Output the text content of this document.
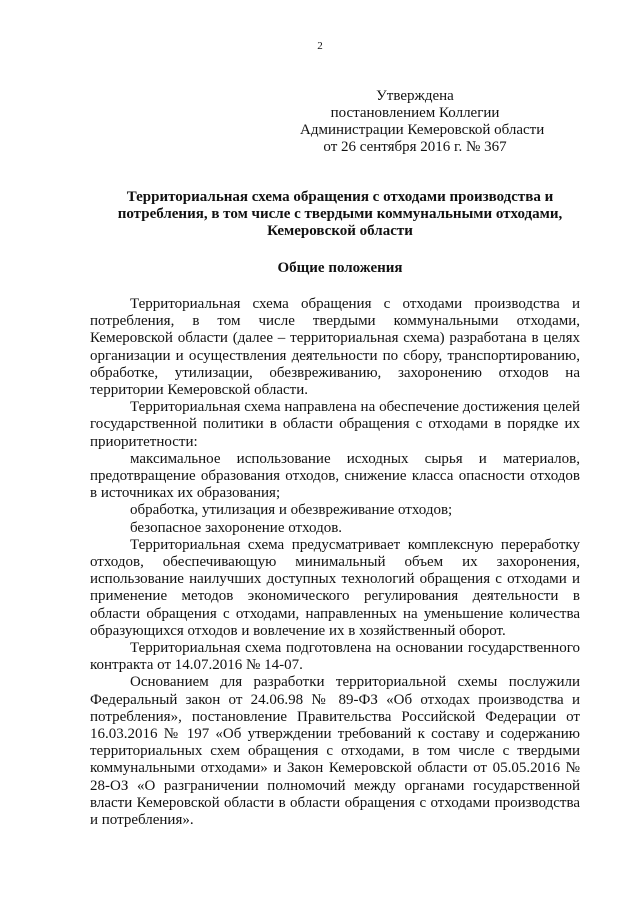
2
Утверждена
постановлением Коллегии
Администрации Кемеровской области
от 26 сентября 2016 г. № 367
Территориальная схема обращения с отходами производства и потребления, в том числе с твердыми коммунальными отходами, Кемеровской области
Общие положения

Территориальная схема обращения с отходами производства и потребления, в том числе твердыми коммунальными отходами, Кемеровской области (далее – территориальная схема) разработана в целях организации и осуществления деятельности по сбору, транспортированию, обработке, утилизации, обезвреживанию, захоронению отходов на территории Кемеровской области.

Территориальная схема направлена на обеспечение достижения целей государственной политики в области обращения с отходами в порядке их приоритетности:

максимальное использование исходных сырья и материалов, предотвращение образования отходов, снижение класса опасности отходов в источниках их образования;

обработка, утилизация и обезвреживание отходов;

безопасное захоронение отходов.

Территориальная схема предусматривает комплексную переработку отходов, обеспечивающую минимальный объем их захоронения, использование наилучших доступных технологий обращения с отходами и применение методов экономического регулирования деятельности в области обращения с отходами, направленных на уменьшение количества образующихся отходов и вовлечение их в хозяйственный оборот.

Территориальная схема подготовлена на основании государственного контракта от 14.07.2016 № 14-07.

Основанием для разработки территориальной схемы послужили Федеральный закон от 24.06.98 № 89-ФЗ «Об отходах производства и потребления», постановление Правительства Российской Федерации от 16.03.2016 № 197 «Об утверждении требований к составу и содержанию территориальных схем обращения с отходами, в том числе с твердыми коммунальными отходами» и Закон Кемеровской области от 05.05.2016 № 28-ОЗ «О разграничении полномочий между органами государственной власти Кемеровской области в области обращения с отходами производства и потребления».
